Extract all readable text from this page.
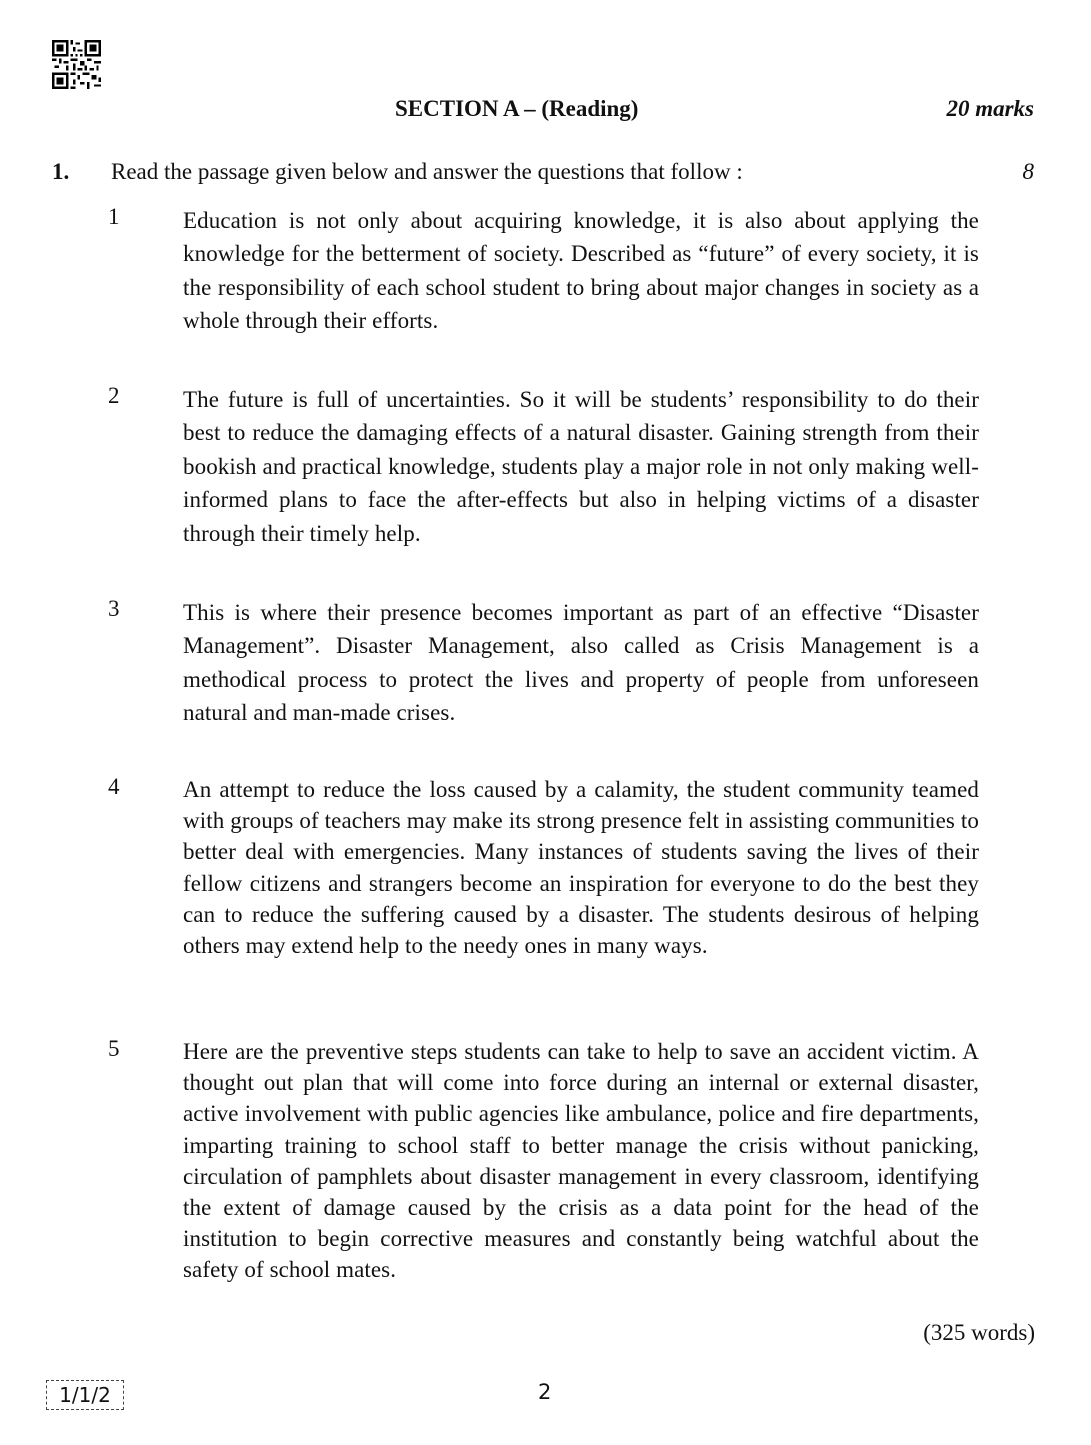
SECTION A – (Reading)	20 marks
1. Read the passage given below and answer the questions that follow :	8
1	Education is not only about acquiring knowledge, it is also about applying the knowledge for the betterment of society. Described as “future” of every society, it is the responsibility of each school student to bring about major changes in society as a whole through their efforts.
2	The future is full of uncertainties. So it will be students’ responsibility to do their best to reduce the damaging effects of a natural disaster. Gaining strength from their bookish and practical knowledge, students play a major role in not only making well-informed plans to face the after-effects but also in helping victims of a disaster through their timely help.
3	This is where their presence becomes important as part of an effective “Disaster Management”. Disaster Management, also called as Crisis Management is a methodical process to protect the lives and property of people from unforeseen natural and man-made crises.
4	An attempt to reduce the loss caused by a calamity, the student community teamed with groups of teachers may make its strong presence felt in assisting communities to better deal with emergencies. Many instances of students saving the lives of their fellow citizens and strangers become an inspiration for everyone to do the best they can to reduce the suffering caused by a disaster. The students desirous of helping others may extend help to the needy ones in many ways.
5	Here are the preventive steps students can take to help to save an accident victim. A thought out plan that will come into force during an internal or external disaster, active involvement with public agencies like ambulance, police and fire departments, imparting training to school staff to better manage the crisis without panicking, circulation of pamphlets about disaster management in every classroom, identifying the extent of damage caused by the crisis as a data point for the head of the institution to begin corrective measures and constantly being watchful about the safety of school mates.
(325 words)
1/1/2	2
